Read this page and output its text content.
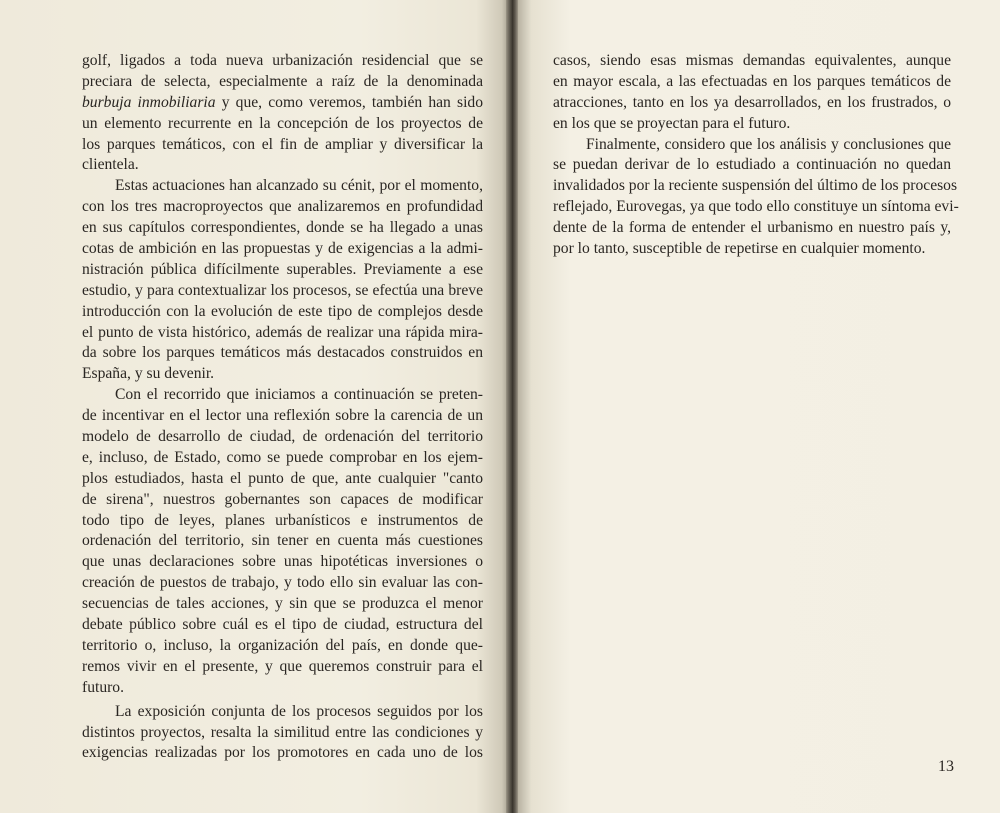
golf, ligados a toda nueva urbanización residencial que se
preciara de selecta, especialmente a raíz de la denominada
burbuja inmobiliaria y que, como veremos, también han sido
un elemento recurrente en la concepción de los proyectos de
los parques temáticos, con el fin de ampliar y diversificar la
clientela.
Estas actuaciones han alcanzado su cénit, por el momento,
con los tres macroproyectos que analizaremos en profundidad
en sus capítulos correspondientes, donde se ha llegado a unas
cotas de ambición en las propuestas y de exigencias a la admi-
nistración pública difícilmente superables. Previamente a ese
estudio, y para contextualizar los procesos, se efectúa una breve
introducción con la evolución de este tipo de complejos desde
el punto de vista histórico, además de realizar una rápida mira-
da sobre los parques temáticos más destacados construidos en
España, y su devenir.
Con el recorrido que iniciamos a continuación se preten-
de incentivar en el lector una reflexión sobre la carencia de un
modelo de desarrollo de ciudad, de ordenación del territorio
e, incluso, de Estado, como se puede comprobar en los ejem-
plos estudiados, hasta el punto de que, ante cualquier "canto
de sirena", nuestros gobernantes son capaces de modificar
todo tipo de leyes, planes urbanísticos e instrumentos de
ordenación del territorio, sin tener en cuenta más cuestiones
que unas declaraciones sobre unas hipotéticas inversiones o
creación de puestos de trabajo, y todo ello sin evaluar las con-
secuencias de tales acciones, y sin que se produzca el menor
debate público sobre cuál es el tipo de ciudad, estructura del
territorio o, incluso, la organización del país, en donde que-
remos vivir en el presente, y que queremos construir para el
futuro.
La exposición conjunta de los procesos seguidos por los
distintos proyectos, resalta la similitud entre las condiciones y
exigencias realizadas por los promotores en cada uno de los
casos, siendo esas mismas demandas equivalentes, aunque
en mayor escala, a las efectuadas en los parques temáticos de
atracciones, tanto en los ya desarrollados, en los frustrados, o
en los que se proyectan para el futuro.
Finalmente, considero que los análisis y conclusiones que
se puedan derivar de lo estudiado a continuación no quedan
invalidados por la reciente suspensión del último de los procesos
reflejado, Eurovegas, ya que todo ello constituye un síntoma evi-
dente de la forma de entender el urbanismo en nuestro país y,
por lo tanto, susceptible de repetirse en cualquier momento.
13
